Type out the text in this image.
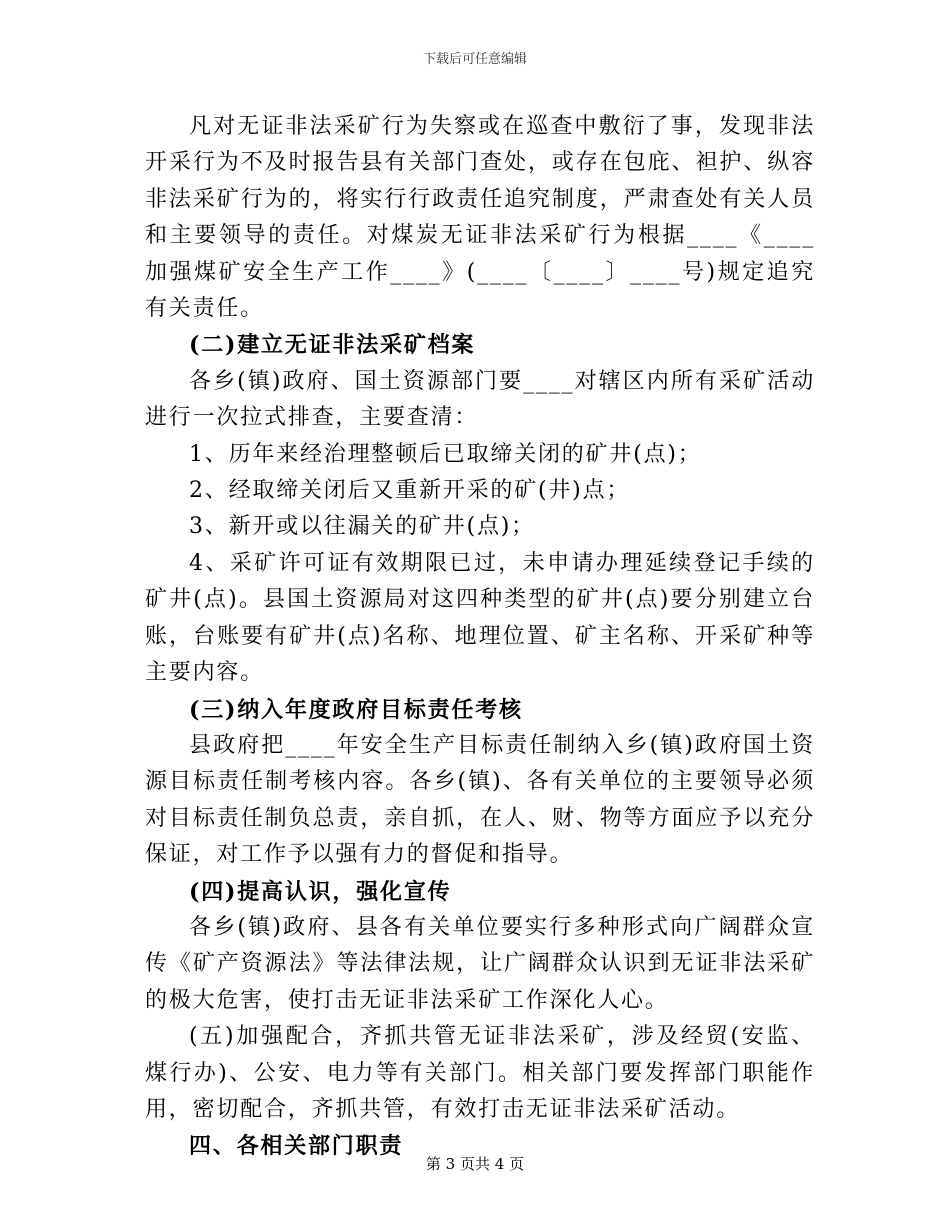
下载后可任意编辑

凡对无证非法采矿行为失察或在巡查中敷衍了事，发现非法开采行为不及时报告县有关部门查处，或存在包庇、袒护、纵容非法采矿行为的，将实行行政责任追究制度，严肃查处有关人员和主要领导的责任。对煤炭无证非法采矿行为根据____《____加强煤矿安全生产工作____》(____〔____〕____号)规定追究有关责任。

(二)建立无证非法采矿档案

各乡(镇)政府、国土资源部门要____对辖区内所有采矿活动进行一次拉式排查，主要查清：

1、历年来经治理整顿后已取缔关闭的矿井(点)；

2、经取缔关闭后又重新开采的矿(井)点；

3、新开或以往漏关的矿井(点)；

4、采矿许可证有效期限已过，未申请办理延续登记手续的矿井(点)。县国土资源局对这四种类型的矿井(点)要分别建立台账，台账要有矿井(点)名称、地理位置、矿主名称、开采矿种等主要内容。

(三)纳入年度政府目标责任考核

县政府把____年安全生产目标责任制纳入乡(镇)政府国土资源目标责任制考核内容。各乡(镇)、各有关单位的主要领导必须对目标责任制负总责，亲自抓，在人、财、物等方面应予以充分保证，对工作予以强有力的督促和指导。

(四)提高认识，强化宣传

各乡(镇)政府、县各有关单位要实行多种形式向广阔群众宣传《矿产资源法》等法律法规，让广阔群众认识到无证非法采矿的极大危害，使打击无证非法采矿工作深化人心。

(五)加强配合，齐抓共管无证非法采矿，涉及经贸(安监、煤行办)、公安、电力等有关部门。相关部门要发挥部门职能作用，密切配合，齐抓共管，有效打击无证非法采矿活动。

四、各相关部门职责

第 3 页共 4 页
